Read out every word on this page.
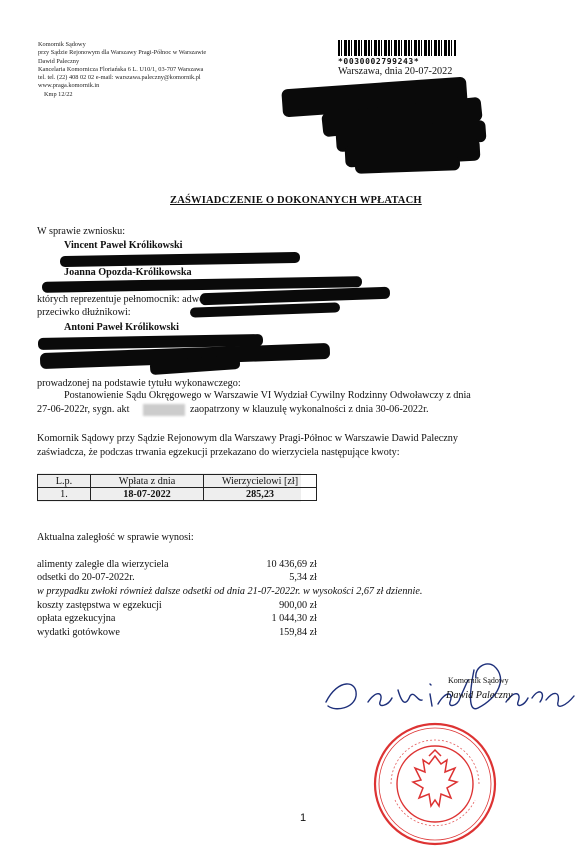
Komornik Sądowy
przy Sądzie Rejonowym dla Warszawy Pragi-Północ w Warszawie
Dawid Paleczny
Kancelaria Komornicza Floriańska 6 L. U10/1, 03-707 Warszawa
tel. tel. (22) 408 02 02 e-mail: warszawa.paleczny@komornik.pl
www.praga.komornik.in
Kmp 12/22
*0030002799243*
Warszawa, dnia 20-07-2022
ZAŚWIADCZENIE O DOKONANYCH WPŁATACH
W sprawie zwniosku:
Vincent Paweł Królikowski
Joanna Opozda-Królikowska
których reprezentuje pełnomocnik: adwo
przeciwko dłużnikowi:
Antoni Paweł Królikowski
prowadzonej na podstawie tytułu wykonawczego:
Postanowienie Sądu Okręgowego w Warszawie VI Wydział Cywilny Rodzinny Odwoławczy z dnia
27-06-2022r, sygn. akt	zaopatrzony w klauzulę wykonalności z dnia 30-06-2022r.
Komornik Sądowy przy Sądzie Rejonowym dla Warszawy Pragi-Północ w Warszawie Dawid Paleczny
zaświadcza, że podczas trwania egzekucji przekazano do wierzyciela następujące kwoty:
L.p.	Wpłata z dnia	Wierzycielowi [zł]
1.	18-07-2022	285,23
Aktualna zaległość w sprawie wynosi:
alimenty zaległe dla wierzyciela	10 436,69 zł
odsetki do 20-07-2022r.	5,34 zł
w przypadku zwłoki również dalsze odsetki od dnia 21-07-2022r. w wysokości 2,67 zł dziennie.
koszty zastępstwa w egzekucji	900,00 zł
opłata egzekucyjna	1 044,30 zł
wydatki gotówkowe	159,84 zł
Komornik Sądowy
Dawid Paleczny
1
